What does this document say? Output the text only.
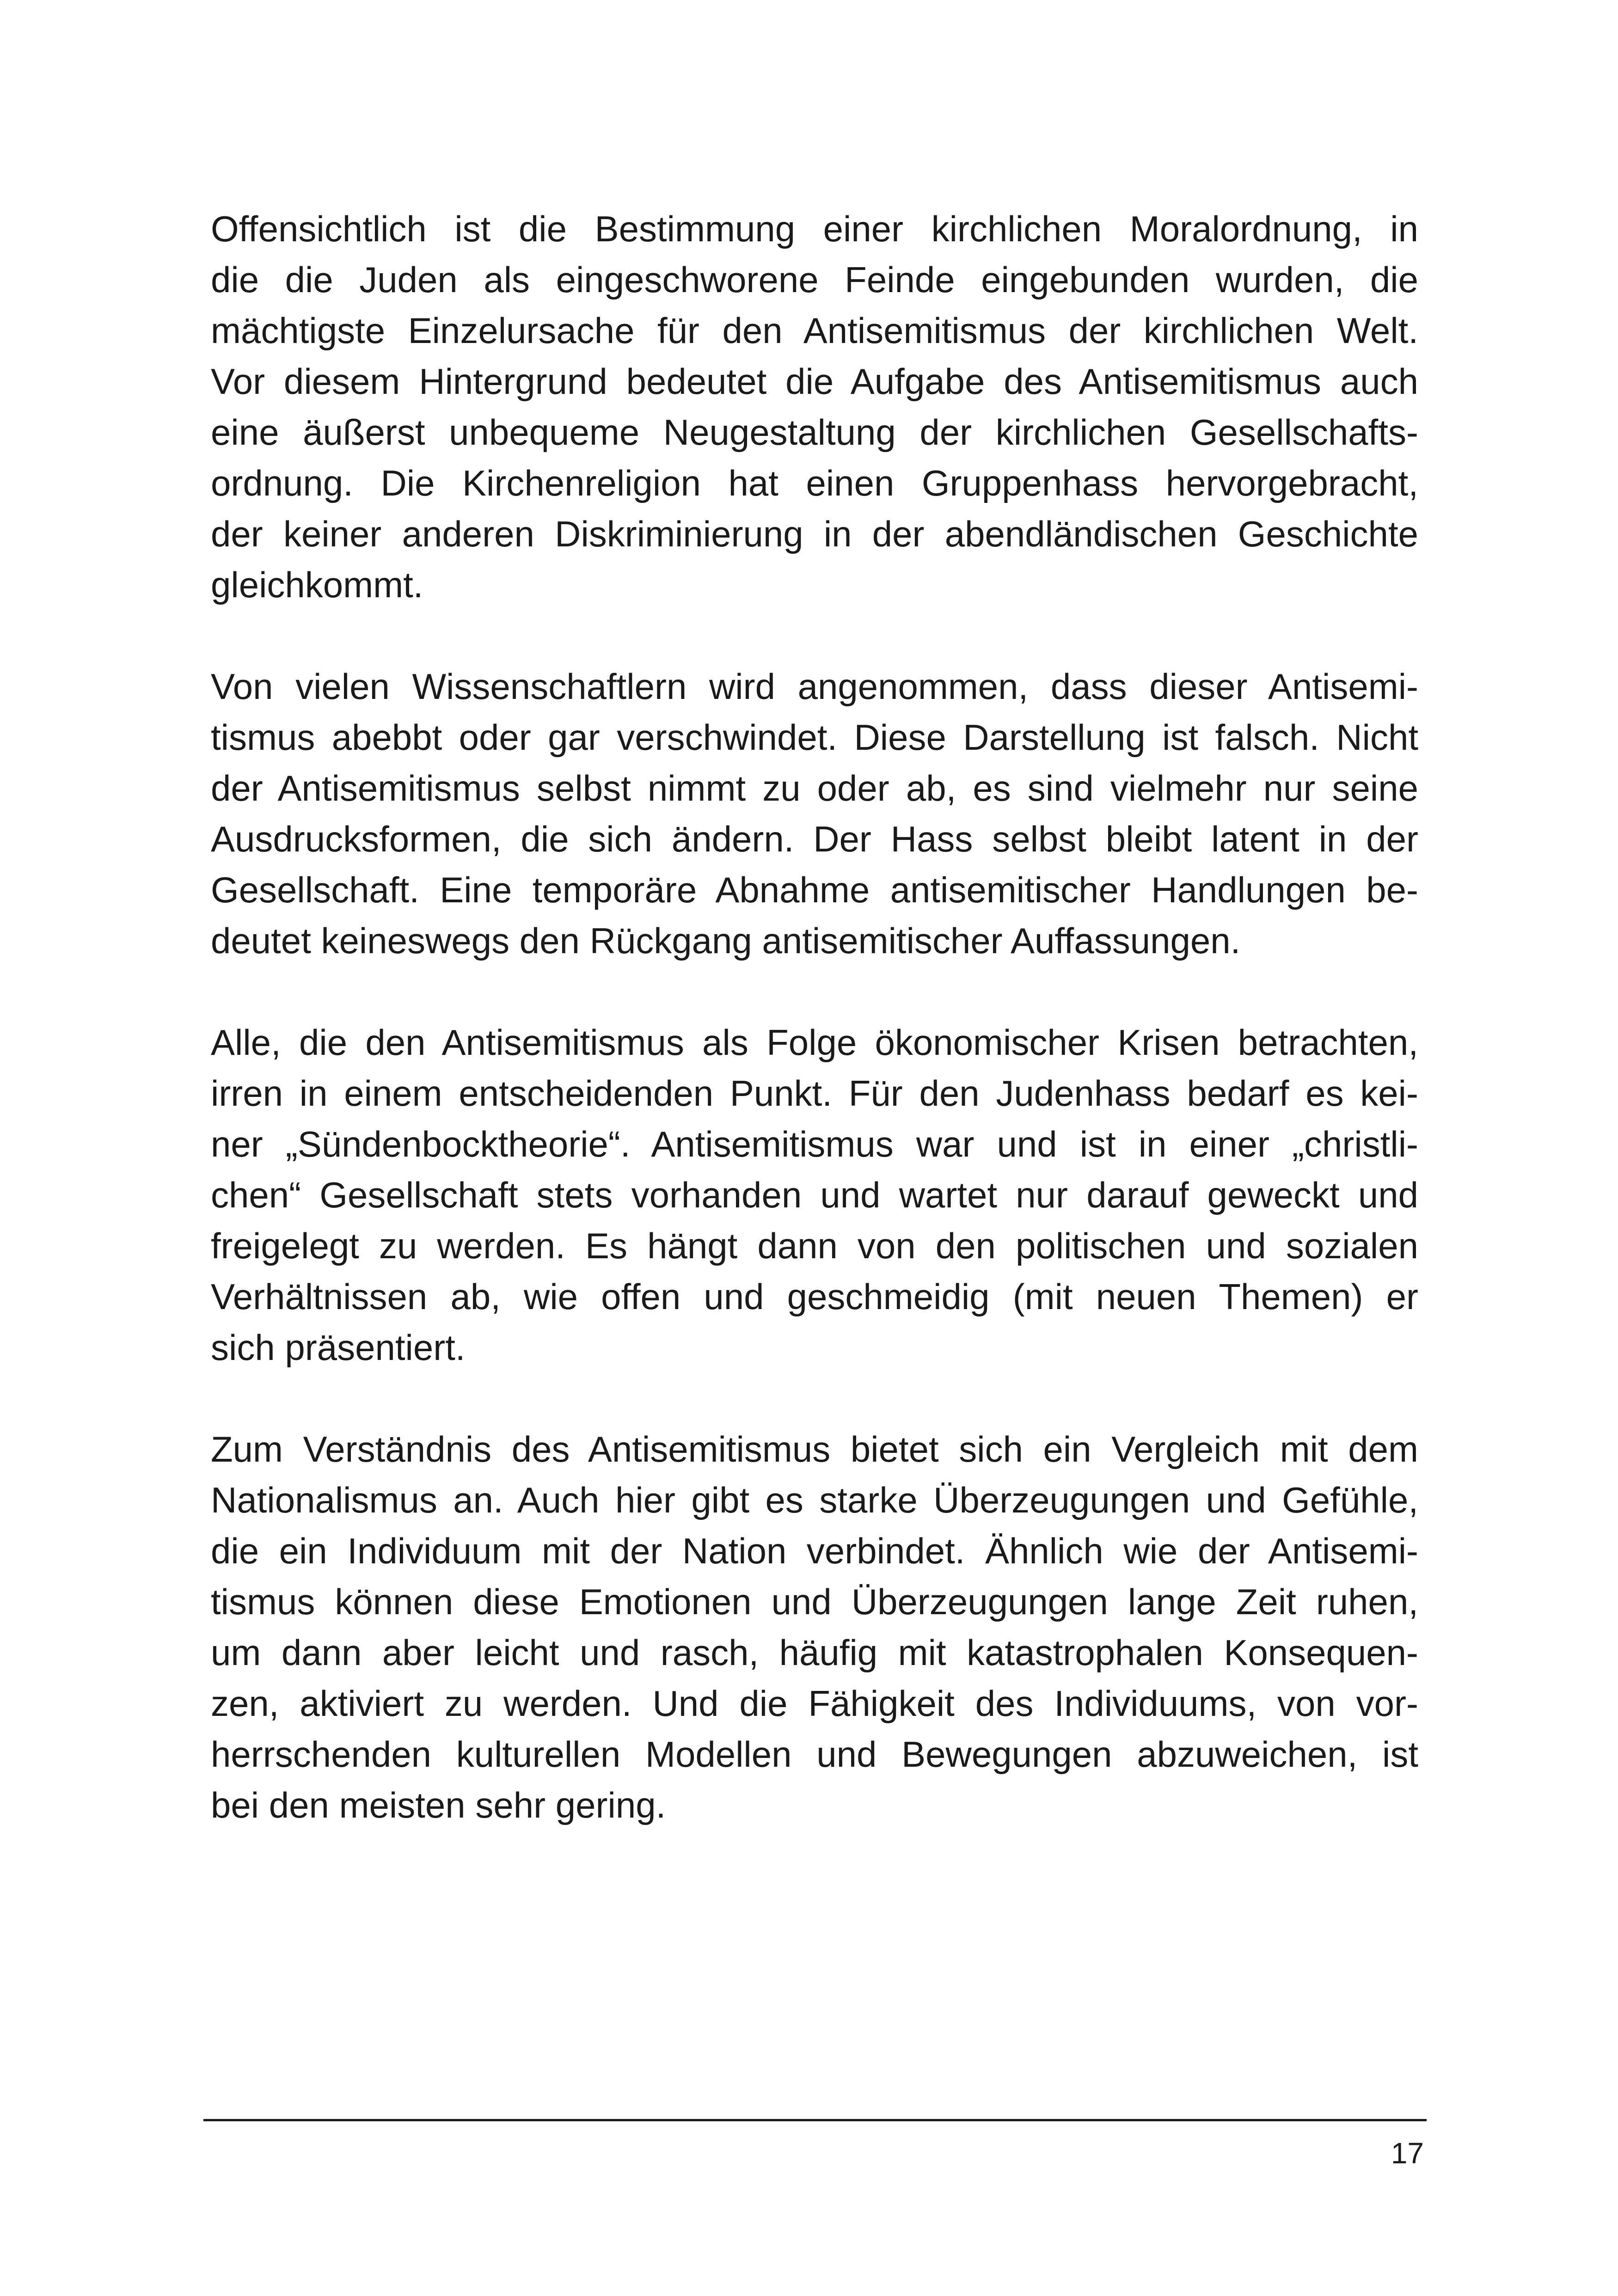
Offensichtlich ist die Bestimmung einer kirchlichen Moralordnung, in
die die Juden als eingeschworene Feinde eingebunden wurden, die
mächtigste Einzelursache für den Antisemitismus der kirchlichen Welt.
Vor diesem Hintergrund bedeutet die Aufgabe des Antisemitismus auch
eine äußerst unbequeme Neugestaltung der kirchlichen Gesellschafts-
ordnung. Die Kirchenreligion hat einen Gruppenhass hervorgebracht,
der keiner anderen Diskriminierung in der abendländischen Geschichte
gleichkommt.

Von vielen Wissenschaftlern wird angenommen, dass dieser Antisemi-
tismus abebbt oder gar verschwindet. Diese Darstellung ist falsch. Nicht
der Antisemitismus selbst nimmt zu oder ab, es sind vielmehr nur seine
Ausdrucksformen, die sich ändern. Der Hass selbst bleibt latent in der
Gesellschaft. Eine temporäre Abnahme antisemitischer Handlungen be-
deutet keineswegs den Rückgang antisemitischer Auffassungen.

Alle, die den Antisemitismus als Folge ökonomischer Krisen betrachten,
irren in einem entscheidenden Punkt. Für den Judenhass bedarf es kei-
ner „Sündenbocktheorie“. Antisemitismus war und ist in einer „christli-
chen“ Gesellschaft stets vorhanden und wartet nur darauf geweckt und
freigelegt zu werden. Es hängt dann von den politischen und sozialen
Verhältnissen ab, wie offen und geschmeidig (mit neuen Themen) er
sich präsentiert.

Zum Verständnis des Antisemitismus bietet sich ein Vergleich mit dem
Nationalismus an. Auch hier gibt es starke Überzeugungen und Gefühle,
die ein Individuum mit der Nation verbindet. Ähnlich wie der Antisemi-
tismus können diese Emotionen und Überzeugungen lange Zeit ruhen,
um dann aber leicht und rasch, häufig mit katastrophalen Konsequen-
zen, aktiviert zu werden. Und die Fähigkeit des Individuums, von vor-
herrschenden kulturellen Modellen und Bewegungen abzuweichen, ist
bei den meisten sehr gering.

17
